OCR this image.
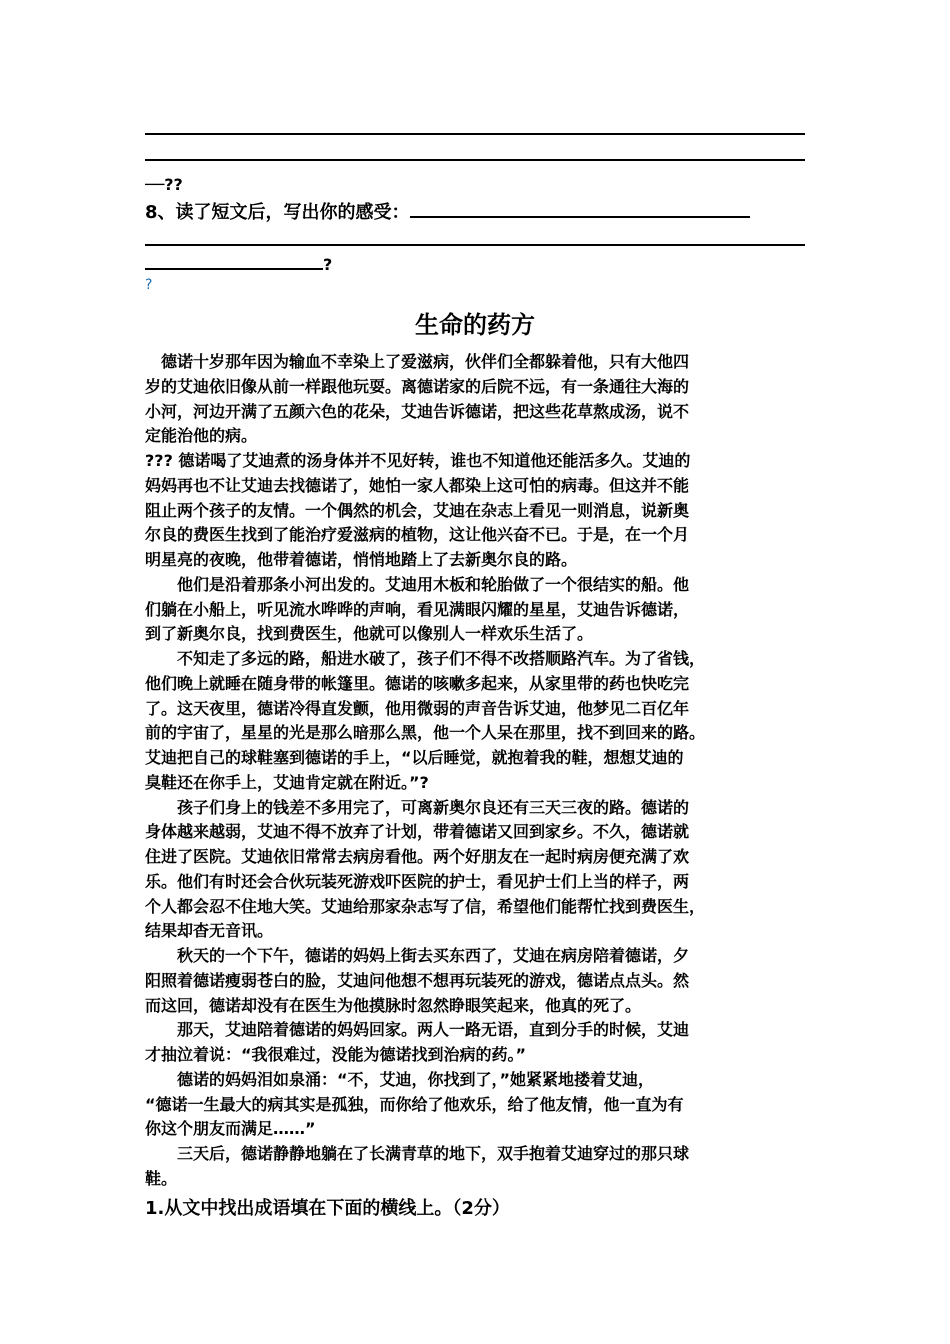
──??
8、读了短文后，写出你的感受：
?
?
生命的药方
　德诺十岁那年因为输血不幸染上了爱滋病，伙伴们全都躲着他，只有大他四
岁的艾迪依旧像从前一样跟他玩耍。离德诺家的后院不远，有一条通往大海的
小河，河边开满了五颜六色的花朵，艾迪告诉德诺，把这些花草熬成汤，说不
定能治他的病。
??? 德诺喝了艾迪煮的汤身体并不见好转，谁也不知道他还能活多久。艾迪的
妈妈再也不让艾迪去找德诺了，她怕一家人都染上这可怕的病毒。但这并不能
阻止两个孩子的友情。一个偶然的机会，艾迪在杂志上看见一则消息，说新奥
尔良的费医生找到了能治疗爱滋病的植物，这让他兴奋不已。于是，在一个月
明星亮的夜晚，他带着德诺，悄悄地踏上了去新奥尔良的路。
　　他们是沿着那条小河出发的。艾迪用木板和轮胎做了一个很结实的船。他
们躺在小船上，听见流水哗哗的声响，看见满眼闪耀的星星，艾迪告诉德诺，
到了新奥尔良，找到费医生，他就可以像别人一样欢乐生活了。
　　不知走了多远的路，船进水破了，孩子们不得不改搭顺路汽车。为了省钱，
他们晚上就睡在随身带的帐篷里。德诺的咳嗽多起来，从家里带的药也快吃完
了。这天夜里，德诺冷得直发颤，他用微弱的声音告诉艾迪，他梦见二百亿年
前的宇宙了，星星的光是那么暗那么黑，他一个人呆在那里，找不到回来的路。
艾迪把自己的球鞋塞到德诺的手上，“以后睡觉，就抱着我的鞋，想想艾迪的
臭鞋还在你手上，艾迪肯定就在附近。”?
　　孩子们身上的钱差不多用完了，可离新奥尔良还有三天三夜的路。德诺的
身体越来越弱，艾迪不得不放弃了计划，带着德诺又回到家乡。不久，德诺就
住进了医院。艾迪依旧常常去病房看他。两个好朋友在一起时病房便充满了欢
乐。他们有时还会合伙玩装死游戏吓医院的护士，看见护士们上当的样子，两
个人都会忍不住地大笑。艾迪给那家杂志写了信，希望他们能帮忙找到费医生，
结果却杳无音讯。
　　秋天的一个下午，德诺的妈妈上街去买东西了，艾迪在病房陪着德诺，夕
阳照着德诺瘦弱苍白的脸，艾迪问他想不想再玩装死的游戏，德诺点点头。然
而这回，德诺却没有在医生为他摸脉时忽然睁眼笑起来，他真的死了。
　　那天，艾迪陪着德诺的妈妈回家。两人一路无语，直到分手的时候，艾迪
才抽泣着说：“我很难过，没能为德诺找到治病的药。”
　　德诺的妈妈泪如泉涌：“不，艾迪，你找到了，”她紧紧地搂着艾迪，
“德诺一生最大的病其实是孤独，而你给了他欢乐，给了他友情，他一直为有
你这个朋友而满足……”
　　三天后，德诺静静地躺在了长满青草的地下，双手抱着艾迪穿过的那只球
鞋。
1.从文中找出成语填在下面的横线上。（2分）
